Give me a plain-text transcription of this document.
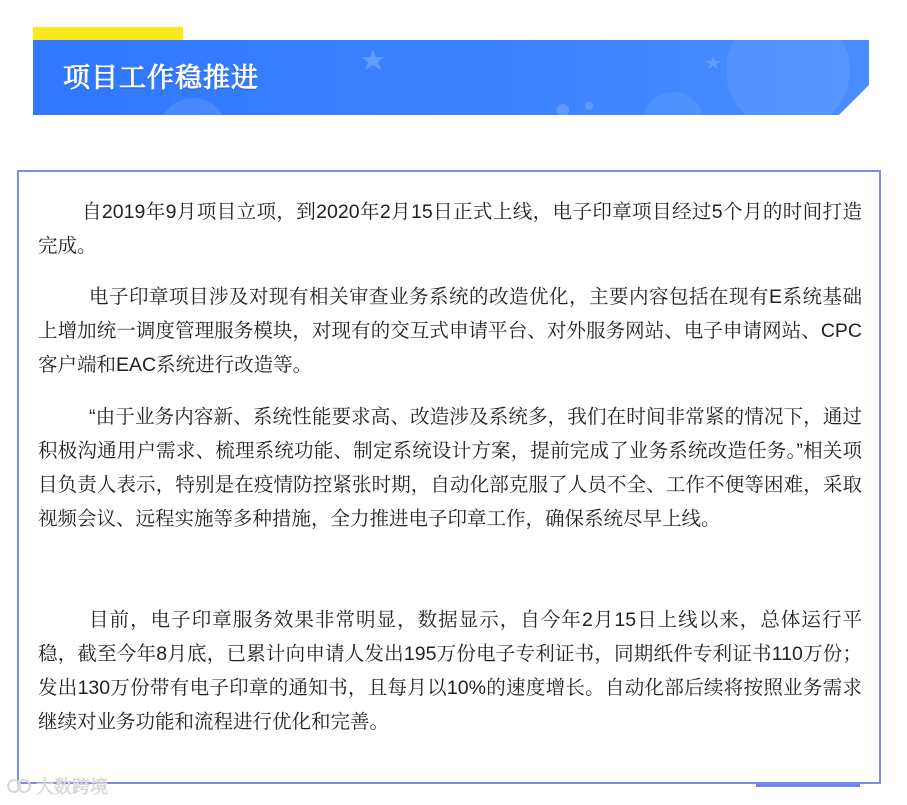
项目工作稳推进

自2019年9月项目立项，到2020年2月15日正式上线，电子印章项目经过5个月的时间打造完成。

电子印章项目涉及对现有相关审查业务系统的改造优化，主要内容包括在现有E系统基础上增加统一调度管理服务模块，对现有的交互式申请平台、对外服务网站、电子申请网站、CPC客户端和EAC系统进行改造等。

“由于业务内容新、系统性能要求高、改造涉及系统多，我们在时间非常紧的情况下，通过积极沟通用户需求、梳理系统功能、制定系统设计方案，提前完成了业务系统改造任务。”相关项目负责人表示，特别是在疫情防控紧张时期，自动化部克服了人员不全、工作不便等困难，采取视频会议、远程实施等多种措施，全力推进电子印章工作，确保系统尽早上线。

目前，电子印章服务效果非常明显，数据显示，自今年2月15日上线以来，总体运行平稳，截至今年8月底，已累计向申请人发出195万份电子专利证书，同期纸件专利证书110万份；发出130万份带有电子印章的通知书，且每月以10%的速度增长。自动化部后续将按照业务需求继续对业务功能和流程进行优化和完善。

大数跨境
